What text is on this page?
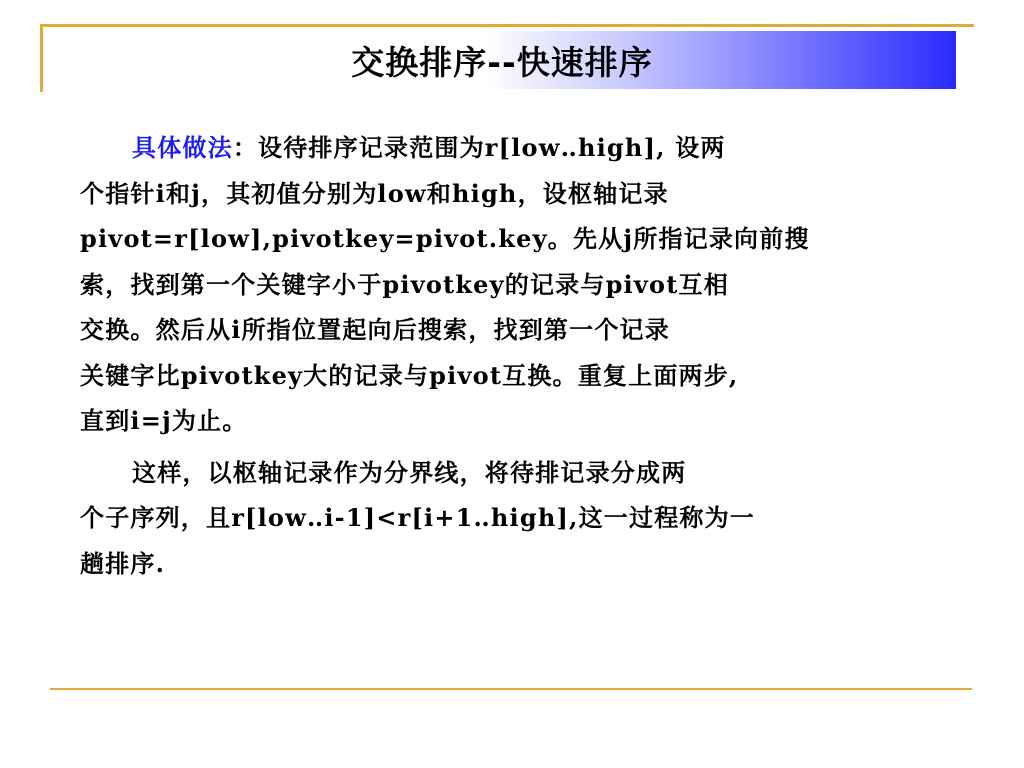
交换排序--快速排序
具体做法：设待排序记录范围为r[low‥high], 设两
个指针i和j，其初值分别为low和high，设枢轴记录
pivot=r[low],pivotkey=pivot.key。先从j所指记录向前搜
索，找到第一个关键字小于pivotkey的记录与pivot互相
交换。然后从i所指位置起向后搜索，找到第一个记录
关键字比pivotkey大的记录与pivot互换。重复上面两步,
直到i=j为止。
这样，以枢轴记录作为分界线，将待排记录分成两
个子序列，且r[low‥i-1]<r[i+1‥high],这一过程称为一
趟排序.
